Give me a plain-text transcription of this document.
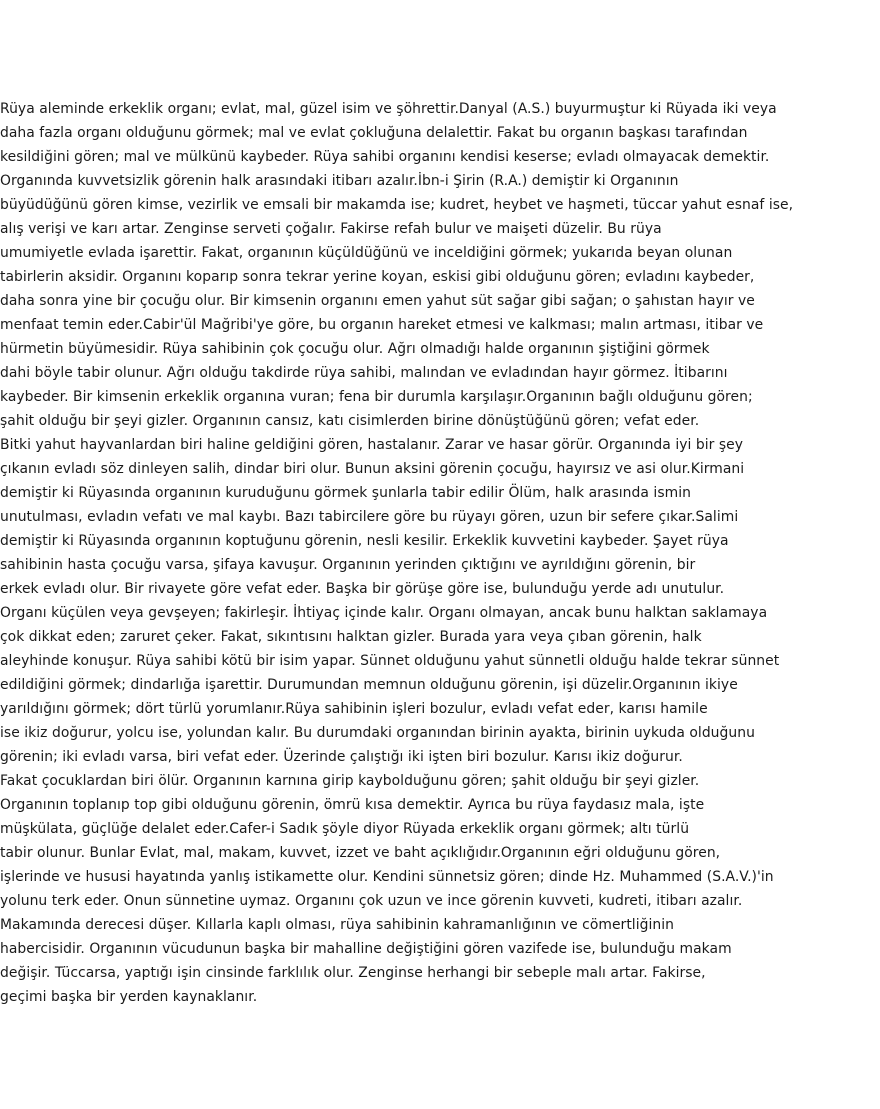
Rüya aleminde erkeklik organı; evlat, mal, güzel isim ve şöhrettir.Danyal (A.S.) buyurmuştur ki Rüyada iki veya
daha fazla organı olduğunu görmek; mal ve evlat çokluğuna delalettir. Fakat bu organın başkası tarafından
kesildiğini gören; mal ve mülkünü kaybeder. Rüya sahibi organını kendisi keserse; evladı olmayacak demektir.
Organında kuvvetsizlik görenin halk arasındaki itibarı azalır.İbn-i Şirin (R.A.) demiştir ki Organının
büyüdüğünü gören kimse, vezirlik ve emsali bir makamda ise; kudret, heybet ve haşmeti, tüccar yahut esnaf ise,
alış verişi ve karı artar. Zenginse serveti çoğalır. Fakirse refah bulur ve maişeti düzelir. Bu rüya
umumiyetle evlada işarettir. Fakat, organının küçüldüğünü ve inceldiğini görmek; yukarıda beyan olunan
tabirlerin aksidir. Organını koparıp sonra tekrar yerine koyan, eskisi gibi olduğunu gören; evladını kaybeder,
daha sonra yine bir çocuğu olur. Bir kimsenin organını emen yahut süt sağar gibi sağan; o şahıstan hayır ve
menfaat temin eder.Cabir'ül Mağribi'ye göre, bu organın hareket etmesi ve kalkması; malın artması, itibar ve
hürmetin büyümesidir. Rüya sahibinin çok çocuğu olur. Ağrı olmadığı halde organının şiştiğini görmek
dahi böyle tabir olunur. Ağrı olduğu takdirde rüya sahibi, malından ve evladından hayır görmez. İtibarını
kaybeder. Bir kimsenin erkeklik organına vuran; fena bir durumla karşılaşır.Organının bağlı olduğunu gören;
şahit olduğu bir şeyi gizler. Organının cansız, katı cisimlerden birine dönüştüğünü gören; vefat eder.
Bitki yahut hayvanlardan biri haline geldiğini gören, hastalanır. Zarar ve hasar görür. Organında iyi bir şey
çıkanın evladı söz dinleyen salih, dindar biri olur. Bunun aksini görenin çocuğu, hayırsız ve asi olur.Kirmani
demiştir ki Rüyasında organının kuruduğunu görmek şunlarla tabir edilir Ölüm, halk arasında ismin
unutulması, evladın vefatı ve mal kaybı. Bazı tabircilere göre bu rüyayı gören, uzun bir sefere çıkar.Salimi
demiştir ki Rüyasında organının koptuğunu görenin, nesli kesilir. Erkeklik kuvvetini kaybeder. Şayet rüya
sahibinin hasta çocuğu varsa, şifaya kavuşur. Organının yerinden çıktığını ve ayrıldığını görenin, bir
erkek evladı olur. Bir rivayete göre vefat eder. Başka bir görüşe göre ise, bulunduğu yerde adı unutulur.
Organı küçülen veya gevşeyen; fakirleşir. İhtiyaç içinde kalır. Organı olmayan, ancak bunu halktan saklamaya
çok dikkat eden; zaruret çeker. Fakat, sıkıntısını halktan gizler. Burada yara veya çıban görenin, halk
aleyhinde konuşur. Rüya sahibi kötü bir isim yapar. Sünnet olduğunu yahut sünnetli olduğu halde tekrar sünnet
edildiğini görmek; dindarlığa işarettir. Durumundan memnun olduğunu görenin, işi düzelir.Organının ikiye
yarıldığını görmek; dört türlü yorumlanır.Rüya sahibinin işleri bozulur, evladı vefat eder, karısı hamile
ise ikiz doğurur, yolcu ise, yolundan kalır. Bu durumdaki organından birinin ayakta, birinin uykuda olduğunu
görenin; iki evladı varsa, biri vefat eder. Üzerinde çalıştığı iki işten biri bozulur. Karısı ikiz doğurur.
Fakat çocuklardan biri ölür. Organının karnına girip kaybolduğunu gören; şahit olduğu bir şeyi gizler.
Organının toplanıp top gibi olduğunu görenin, ömrü kısa demektir. Ayrıca bu rüya faydasız mala, işte
müşkülata, güçlüğe delalet eder.Cafer-i Sadık şöyle diyor Rüyada erkeklik organı görmek; altı türlü
tabir olunur. Bunlar Evlat, mal, makam, kuvvet, izzet ve baht açıklığıdır.Organının eğri olduğunu gören,
işlerinde ve hususi hayatında yanlış istikamette olur. Kendini sünnetsiz gören; dinde Hz. Muhammed (S.A.V.)'in
yolunu terk eder. Onun sünnetine uymaz. Organını çok uzun ve ince görenin kuvveti, kudreti, itibarı azalır.
Makamında derecesi düşer. Kıllarla kaplı olması, rüya sahibinin kahramanlığının ve cömertliğinin
habercisidir. Organının vücudunun başka bir mahalline değiştiğini gören vazifede ise, bulunduğu makam
değişir. Tüccarsa, yaptığı işin cinsinde farklılık olur. Zenginse herhangi bir sebeple malı artar. Fakirse,
geçimi başka bir yerden kaynaklanır.
